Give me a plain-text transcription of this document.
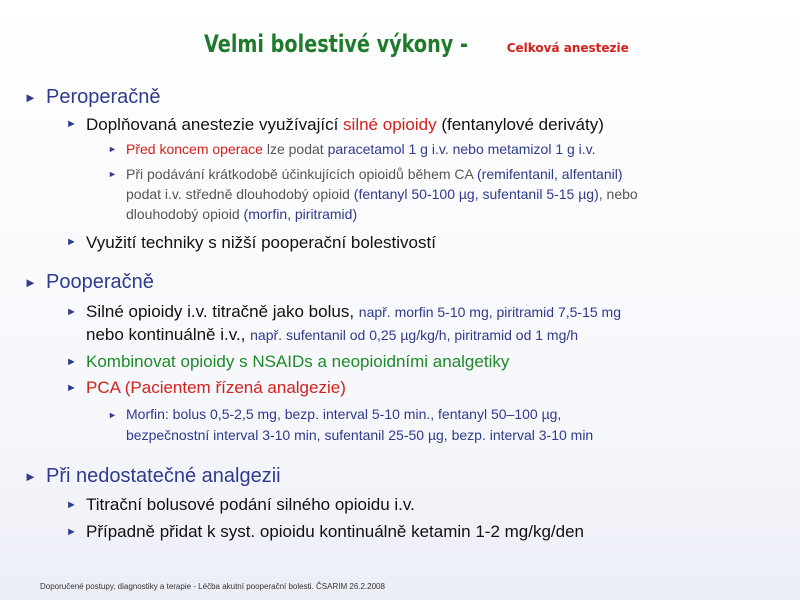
Velmi bolestivé výkony -	Celková anestezie
► Peroperačně
► Doplňovaná anestezie využívající silné opioidy (fentanylové deriváty)
► Před koncem operace lze podat paracetamol 1 g i.v. nebo metamizol 1 g i.v.
► Při podávání krátkodobě účinkujících opioidů během CA (remifentanil, alfentanil)
podat i.v. středně dlouhodobý opioid (fentanyl 50-100 µg, sufentanil 5-15 µg), nebo
dlouhodobý opioid (morfin, piritramid)
► Využití techniky s nižší pooperační bolestivostí
► Pooperačně
► Silné opioidy i.v. titračně jako bolus, např. morfin 5-10 mg, piritramid 7,5-15 mg
nebo kontinuálně i.v., např. sufentanil od 0,25 µg/kg/h, piritramid od 1 mg/h
► Kombinovat opioidy s NSAIDs a neopioidními analgetiky
► PCA (Pacientem řízená analgezie)
► Morfin: bolus 0,5-2,5 mg, bezp. interval 5-10 min., fentanyl 50–100 µg,
bezpečnostní interval 3-10 min, sufentanil 25-50 µg, bezp. interval 3-10 min
► Při nedostatečné analgezii
► Titrační bolusové podání silného opioidu i.v.
► Případně přidat k syst. opioidu kontinuálně ketamin 1-2 mg/kg/den
Doporučené postupy, diagnostiky a terapie - Léčba akutní pooperační bolesti. ČSARIM 26.2.2008
